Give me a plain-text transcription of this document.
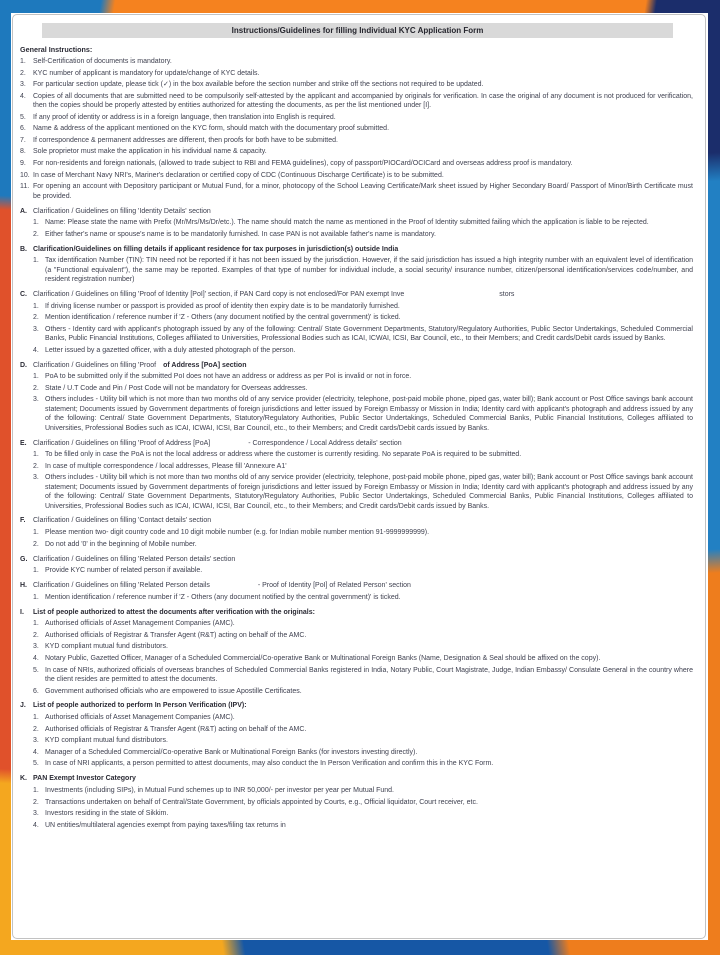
Instructions/Guidelines for filling Individual KYC Application Form
General Instructions:
1.	Self-Certification of documents is mandatory.
2.	KYC number of applicant is mandatory for update/change of KYC details.
3.	For particular section update, please tick (✓) in the box available before the section number and strike off the sections not required to be updated.
4.	Copies of all documents that are submitted need to be compulsorily self-attested by the applicant and accompanied by originals for verification. In case the original of any document is not produced for verification, then the copies should be properly attested by entities authorized for attesting the documents, as per the list mentioned under [I].
5.	If any proof of identity or address is in a foreign language, then translation into English is required.
6.	Name & address of the applicant mentioned on the KYC form, should match with the documentary proof submitted.
7.	If correspondence & permanent addresses are different, then proofs for both have to be submitted.
8.	Sole proprietor must make the application in his individual name & capacity.
9.	For non-residents and foreign nationals, (allowed to trade subject to RBI and FEMA guidelines), copy of passport/PIOCard/OCICard and overseas address proof is mandatory.
10. In case of Merchant Navy NRI's, Mariner's declaration or certified copy of CDC (Continuous Discharge Certificate) is to be submitted.
11. For opening an account with Depository participant or Mutual Fund, for a minor, photocopy of the School Leaving Certificate/Mark sheet issued by Higher Secondary Board/ Passport of Minor/Birth Certificate must be provided.
A. Clarification / Guidelines on filling 'Identity Details' section
1. Name: Please state the name with Prefix (Mr/Mrs/Ms/Dr/etc.). The name should match the name as mentioned in the Proof of Identity submitted failing which the application is liable to be rejected.
2. Either father's name or spouse's name is to be mandatorily furnished. In case PAN is not available father's name is mandatory.
B. Clarification/Guidelines on filling details if applicant residence for tax purposes in jurisdiction(s) outside India
1. Tax identification Number (TIN): TIN need not be reported if it has not been issued by the jurisdiction. However, if the said jurisdiction has issued a high integrity number with an equivalent level of identification (a "Functional equivalent"), the same may be reported. Examples of that type of number for individual include, a social security/ insurance number, citizen/personal identification/services code/number, and resident registration number)
C. Clarification / Guidelines on filling 'Proof of Identity [PoI]' section, if PAN Card copy is not enclosed/For PAN exempt Inve	stors
1. If driving license number or passport is provided as proof of identity then expiry date is to be mandatorily furnished.
2. Mention identification / reference number if 'Z - Others (any document notified by the central government)' is ticked.
3. Others - Identity card with applicant's photograph issued by any of the following: Central/ State Government Departments, Statutory/Regulatory Authorities, Public Sector Undertakings, Scheduled Commercial Banks, Public Financial Institutions, Colleges affiliated to Universities, Professional Bodies such as ICAI, ICWAI, ICSI, Bar Council, etc., to their Members; and Credit cards/Debit cards issued by Banks.
4. Letter issued by a gazetted officer, with a duly attested photograph of the person.
D. Clarification / Guidelines on filling 'Proof of Address [PoA] section
1. PoA to be submitted only if the submitted PoI does not have an address or address as per PoI is invalid or not in force.
2. State / U.T Code and Pin / Post Code will not be mandatory for Overseas addresses.
3. Others includes - Utility bill which is not more than two months old of any service provider (electricity, telephone, post-paid mobile phone, piped gas, water bill); Bank account or Post Office savings bank account statement; Documents issued by Government departments of foreign jurisdictions and letter issued by Foreign Embassy or Mission in India; Identity card with applicant's photograph and address issued by any of the following: Central/ State Government Departments, Statutory/Regulatory Authorities, Public Sector Undertakings, Scheduled Commercial Banks, Public Financial Institutions, Colleges affiliated to Universities, Professional Bodies such as ICAI, ICWAI, ICSI, Bar Council, etc., to their Members; and Credit cards/Debit cards issued by Banks.
E. Clarification / Guidelines on filling 'Proof of Address [PoA]	- Correspondence / Local Address details' section
1. To be filled only in case the PoA is not the local address or address where the customer is currently residing. No separate PoA is required to be submitted.
2. In case of multiple correspondence / local addresses, Please fill 'Annexure A1'
3. Others includes - Utility bill which is not more than two months old of any service provider (electricity, telephone, post-paid mobile phone, piped gas, water bill); Bank account or Post Office savings bank account statement; Documents issued by Government departments of foreign jurisdictions and letter issued by Foreign Embassy or Mission in India; Identity card with applicant's photograph and address issued by any of the following: Central/ State Government Departments, Statutory/Regulatory Authorities, Public Sector Undertakings, Scheduled Commercial Banks, Public Financial Institutions, Colleges affiliated to Universities, Professional Bodies such as ICAI, ICWAI, ICSI, Bar Council, etc., to their Members; and Credit cards/Debit cards issued by Banks.
F.	Clarification / Guidelines on filling 'Contact details' section
1. Please mention two- digit country code and 10 digit mobile number (e.g. for Indian mobile number mention 91-9999999999).
2. Do not add '0' in the beginning of Mobile number.
G. Clarification / Guidelines on filling 'Related Person details' section
1. Provide KYC number of related person if available.
H. Clarification / Guidelines on filling 'Related Person details	- Proof of Identity [PoI] of Related Person' section
1. Mention identification / reference number if 'Z - Others (any document notified by the central government)' is ticked.
I.	List of people authorized to attest the documents after verification with the originals:
1. Authorised officials of Asset Management Companies (AMC).
2. Authorised officials of Registrar & Transfer Agent (R&T) acting on behalf of the AMC.
3. KYD compliant mutual fund distributors.
4. Notary Public, Gazetted Officer, Manager of a Scheduled Commercial/Co-operative Bank or Multinational Foreign Banks (Name, Designation & Seal should be affixed on the copy).
5. In case of NRIs, authorized officials of overseas branches of Scheduled Commercial Banks registered in India, Notary Public, Court Magistrate, Judge, Indian Embassy/ Consulate General in the country where the client resides are permitted to attest the documents.
6. Government authorised officials who are empowered to issue Apostille Certificates.
J.	List of people authorized to perform In Person Verification (IPV):
1. Authorised officials of Asset Management Companies (AMC).
2. Authorised officials of Registrar & Transfer Agent (R&T) acting on behalf of the AMC.
3. KYD compliant mutual fund distributors.
4. Manager of a Scheduled Commercial/Co-operative Bank or Multinational Foreign Banks (for investors investing directly).
5. In case of NRI applicants, a person permitted to attest documents, may also conduct the In Person Verification and confirm this in the KYC Form.
K. PAN Exempt Investor Category
1. Investments (including SIPs), in Mutual Fund schemes up to INR 50,000/- per investor per year per Mutual Fund.
2. Transactions undertaken on behalf of Central/State Government, by officials appointed by Courts, e.g., Official liquidator, Court receiver, etc.
3. Investors residing in the state of Sikkim.
4. UN entities/multilateral agencies exempt from paying taxes/filing tax returns in
